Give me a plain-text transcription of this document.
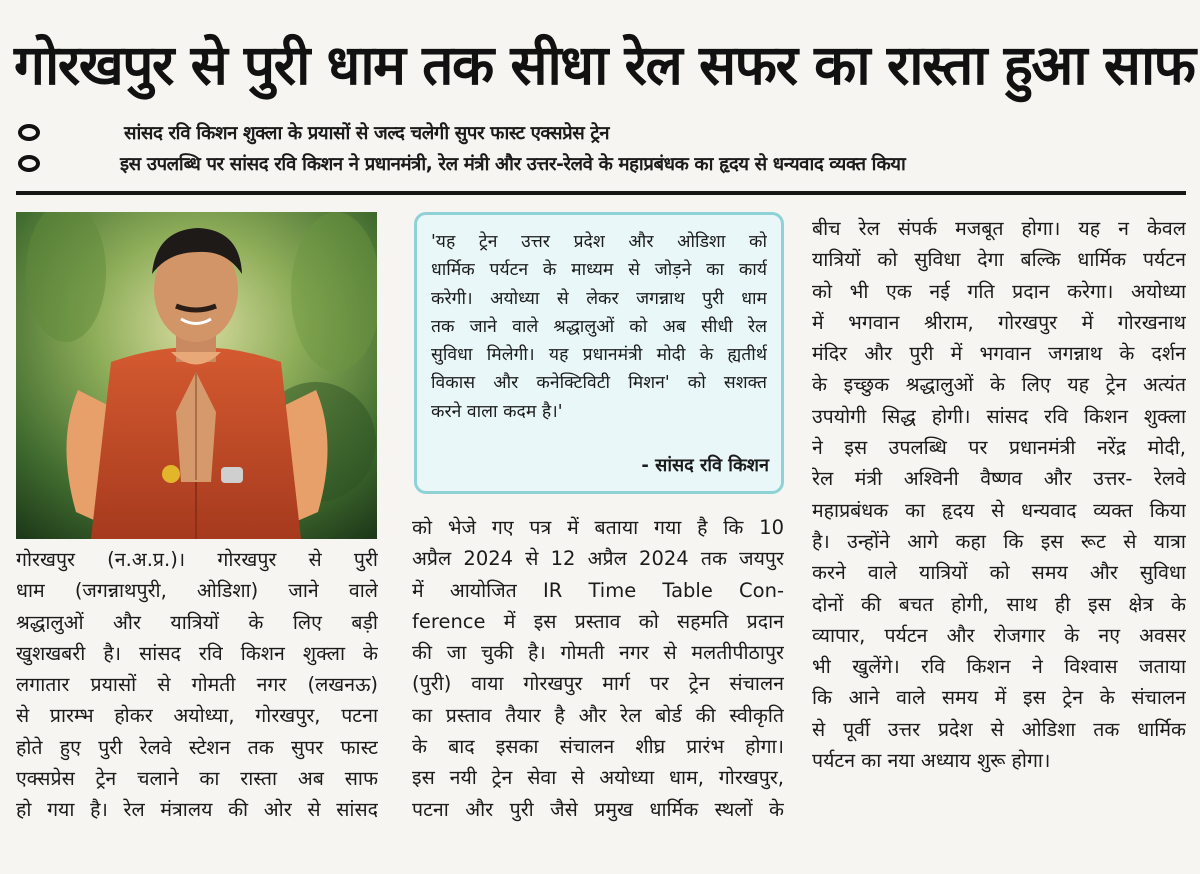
गोरखपुर से पुरी धाम तक सीधा रेल सफर का रास्ता हुआ साफ
सांसद रवि किशन शुक्ला के प्रयासों से जल्द चलेगी सुपर फास्ट एक्सप्रेस ट्रेन
इस उपलब्धि पर सांसद रवि किशन ने प्रधानमंत्री, रेल मंत्री और उत्तर-रेलवे के महाप्रबंधक का हृदय से धन्यवाद व्यक्त किया
गोरखपुर (न.अ.प्र.)। गोरखपुर से पुरी
धाम (जगन्नाथपुरी, ओडिशा) जाने वाले
श्रद्धालुओं और यात्रियों के लिए बड़ी
खुशखबरी है। सांसद रवि किशन शुक्ला के
लगातार प्रयासों से गोमती नगर (लखनऊ)
से प्रारम्भ होकर अयोध्या, गोरखपुर, पटना
होते हुए पुरी रेलवे स्टेशन तक सुपर फास्ट
एक्सप्रेस ट्रेन चलाने का रास्ता अब साफ
हो गया है। रेल मंत्रालय की ओर से सांसद
'यह ट्रेन उत्तर प्रदेश और ओडिशा को
धार्मिक पर्यटन के माध्यम से जोड़ने का कार्य
करेगी। अयोध्या से लेकर जगन्नाथ पुरी धाम
तक जाने वाले श्रद्धालुओं को अब सीधी रेल
सुविधा मिलेगी। यह प्रधानमंत्री मोदी के ह्यतीर्थ
विकास और कनेक्टिविटी मिशन' को सशक्त
करने वाला कदम है।'
- सांसद रवि किशन
को भेजे गए पत्र में बताया गया है कि 10
अप्रैल 2024 से 12 अप्रैल 2024 तक जयपुर
में आयोजित IR Time Table Con-
ference में इस प्रस्ताव को सहमति प्रदान
की जा चुकी है। गोमती नगर से मलतीपीठापुर
(पुरी) वाया गोरखपुर मार्ग पर ट्रेन संचालन
का प्रस्ताव तैयार है और रेल बोर्ड की स्वीकृति
के बाद इसका संचालन शीघ्र प्रारंभ होगा।
इस नयी ट्रेन सेवा से अयोध्या धाम, गोरखपुर,
पटना और पुरी जैसे प्रमुख धार्मिक स्थलों के
बीच रेल संपर्क मजबूत होगा। यह न केवल
यात्रियों को सुविधा देगा बल्कि धार्मिक पर्यटन
को भी एक नई गति प्रदान करेगा। अयोध्या
में भगवान श्रीराम, गोरखपुर में गोरखनाथ
मंदिर और पुरी में भगवान जगन्नाथ के दर्शन
के इच्छुक श्रद्धालुओं के लिए यह ट्रेन अत्यंत
उपयोगी सिद्ध होगी। सांसद रवि किशन शुक्ला
ने इस उपलब्धि पर प्रधानमंत्री नरेंद्र मोदी,
रेल मंत्री अश्विनी वैष्णव और उत्तर- रेलवे
महाप्रबंधक का हृदय से धन्यवाद व्यक्त किया
है। उन्होंने आगे कहा कि इस रूट से यात्रा
करने वाले यात्रियों को समय और सुविधा
दोनों की बचत होगी, साथ ही इस क्षेत्र के
व्यापार, पर्यटन और रोजगार के नए अवसर
भी खुलेंगे। रवि किशन ने विश्वास जताया
कि आने वाले समय में इस ट्रेन के संचालन
से पूर्वी उत्तर प्रदेश से ओडिशा तक धार्मिक
पर्यटन का नया अध्याय शुरू होगा।
